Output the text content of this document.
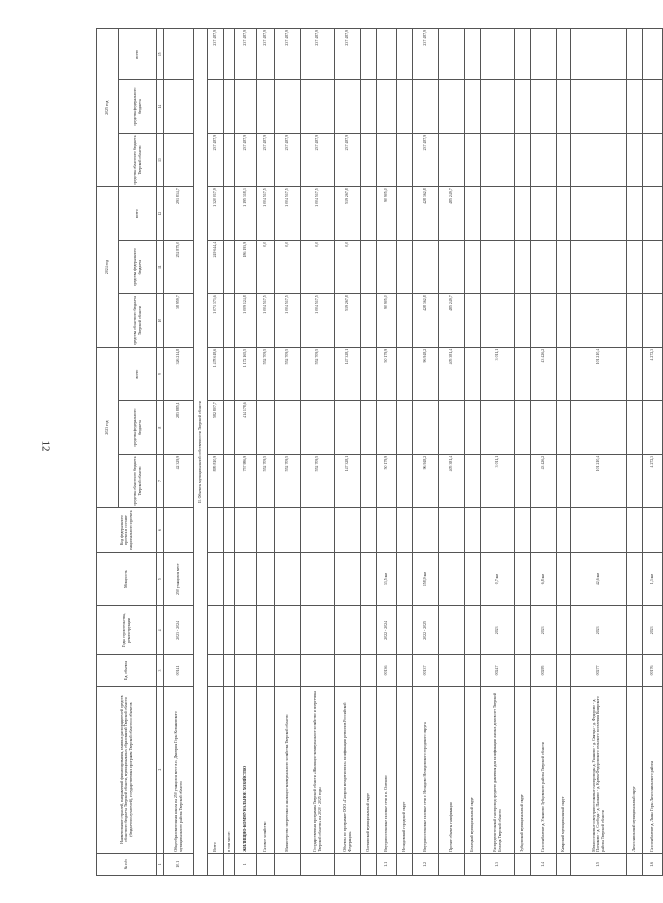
12
№ п/п	Наименование отраслей, направлений финансирования, главных распорядителей средств областного бюджета Тверской области, муниципальных образований Тверской области (бюджетополучателей), государственных программ Тверской области и объектов	Ед. объекта	Годы строительства, реконструкции	Мощность	Код федерального проекта в составе национального проекта	2023 год			2024 год			2025 год		
						средства областного бюджета Тверской области	средства федерального бюджета	всего	средства областного бюджета Тверской области	средства федерального бюджета	всего	средства областного бюджета Тверской области	средства федерального бюджета	всего
1	2	3	4	5	6	7	8	9	10	11	12	13	14	15
10.1	Общеобразовательная школа на 250 учащихся мест в п. Дмитрия Горы Конаковского муниципального района Тверской области	00141	2023 - 2024	250 учащихся мест		42 329,9	283 885,1	326 214,8	38 959,7	252 875,0	291 834,7			
II. Объекты муниципальной собственности Тверской области														
	Всего					895 810,9	582 807,7	1 478 618,6	1 071 373,6	249 644,4	1 320 017,9	237 487,9		237 487,9
	в том числе:													
1	ЖИЛИЩНО-КОММУНАЛЬНОЕ ХОЗЯЙСТВО					757 986,9	414 178,6	1 172 165,5	1 009 124,8	186 193,9	1 195 318,3	237 487,9		237 487,9
	Газовое хозяйство					552 709,5		552 709,5	1 004 517,5	0,0	1 004 517,5	237 487,9		237 487,9
	Министерство энергетики и жилищно-коммунального хозяйства Тверской области					552 709,5		552 709,5	1 004 517,5	0,0	1 004 517,5	237 487,9		237 487,9
	Государственная программа Тверской области «Жилищно-коммунальное хозяйство и энергетика Тверской области» на 2020 - 2025 годы					552 709,5		552 709,5	1 004 517,5	0,0	1 004 517,5	237 487,9		237 487,9
	Объекты по программе ООО «Газпром межрегионгаз» газификации регионов Российской Федерации»					147 328,1		147 328,1	519 267,8	0,0	519 267,8	237 487,9		237 487,9
	Оленинский муниципальный округ													
1.1	Внутрипоселковые газовые сети в п. Оленино	00136	2022 - 2024	33,5 км		50 179,9		50 179,9	90 905,0		90 905,0			
	Нелидовский городской округ													
1.2	Внутрипоселковые газовые сети г. Нелидово Нелидовского городского округа	00137	2022 - 2025	158,9 км		96 948,2		96 948,2	428 362,8		428 362,8	237 487,9		237 487,9
	Прочие объекты газификации					405 381,4		405 381,4	485 249,7		485 249,7			
	Бежецкий муниципальный округ													
1.3	Распределительный газопровод среднего давления для газификации жилых домов пгт Тверской Бежецк Тверской области	00247	2023	0,7 км		3 011,1		3 011,1						
	Зубцовский муниципальный округ													
1.4	Газоснабжение д. Ульяново Зубцовского района Тверской области	00295	2023	6,8 км		43 426,2		43 426,2						
	Кимрский муниципальный округ													
1.5	Межпоселковые и внутрипоселковые газопроводы д. Ушаково - д. Святцы - д. Федорово - д. Плешково - д. Слобода - д. Палкино - д. Крема Федоровского сельского поселения Кимрского района Тверской области	00277	2023	42,6 км		101 210,4		101 210,4						
	Лихославльский муниципальный округ													
1.6	Газоснабжение д. Лыкы Горы Лихославльского района	00176	2023	1,3 км		4 272,3		4 272,3						
